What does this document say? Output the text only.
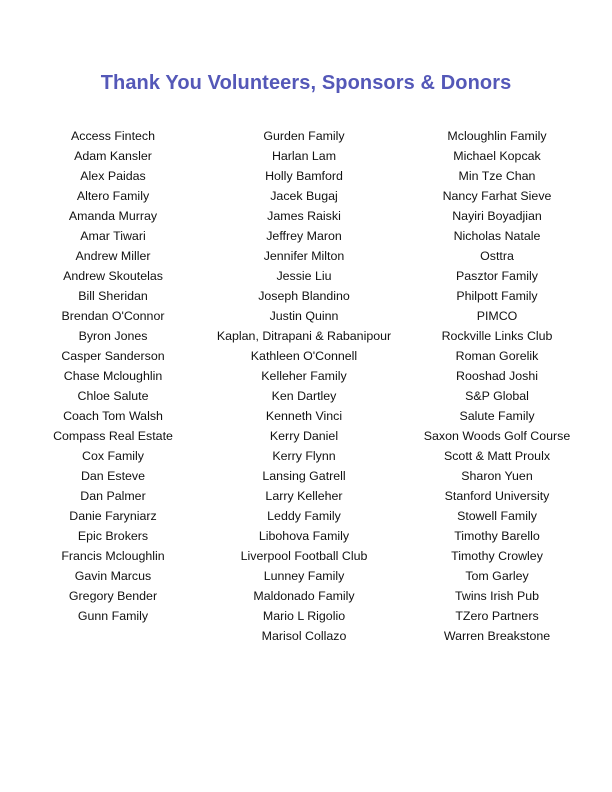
Thank You Volunteers, Sponsors & Donors
Access Fintech
Adam Kansler
Alex Paidas
Altero Family
Amanda Murray
Amar Tiwari
Andrew Miller
Andrew Skoutelas
Bill Sheridan
Brendan O'Connor
Byron Jones
Casper Sanderson
Chase Mcloughlin
Chloe Salute
Coach Tom Walsh
Compass Real Estate
Cox Family
Dan Esteve
Dan Palmer
Danie Faryniarz
Epic Brokers
Francis Mcloughlin
Gavin Marcus
Gregory Bender
Gunn Family
Gurden Family
Harlan Lam
Holly Bamford
Jacek Bugaj
James Raiski
Jeffrey Maron
Jennifer Milton
Jessie Liu
Joseph Blandino
Justin Quinn
Kaplan, Ditrapani & Rabanipour
Kathleen O'Connell
Kelleher Family
Ken Dartley
Kenneth Vinci
Kerry Daniel
Kerry Flynn
Lansing Gatrell
Larry Kelleher
Leddy Family
Libohova Family
Liverpool Football Club
Lunney Family
Maldonado Family
Mario L Rigolio
Marisol Collazo
Mcloughlin Family
Michael Kopcak
Min Tze Chan
Nancy Farhat Sieve
Nayiri Boyadjian
Nicholas Natale
Osttra
Pasztor Family
Philpott Family
PIMCO
Rockville Links Club
Roman Gorelik
Rooshad Joshi
S&P Global
Salute Family
Saxon Woods Golf Course
Scott & Matt Proulx
Sharon Yuen
Stanford University
Stowell Family
Timothy Barello
Timothy Crowley
Tom Garley
Twins Irish Pub
TZero Partners
Warren Breakstone
